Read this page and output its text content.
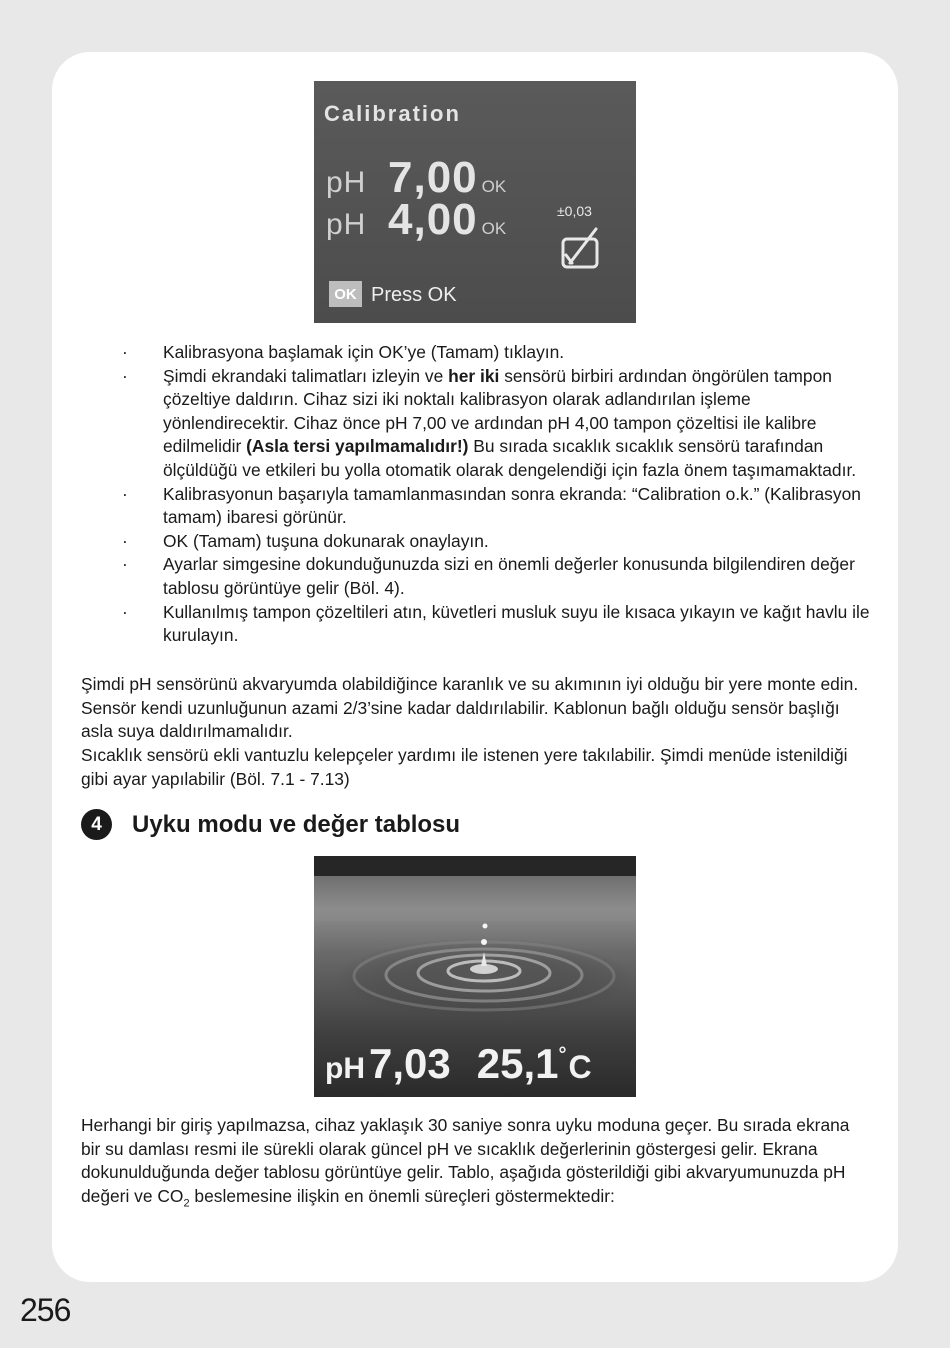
Calibration
pH 7,00 OK
pH 4,00 OK
±0,03
OK Press OK
· Kalibrasyona başlamak için OK’ye (Tamam) tıklayın.
· Şimdi ekrandaki talimatları izleyin ve her iki sensörü birbiri ardından öngörülen tampon çözeltiye daldırın. Cihaz sizi iki noktalı kalibrasyon olarak adlandırılan işleme yönlendirecektir. Cihaz önce pH 7,00 ve ardından pH 4,00 tampon çözeltisi ile kalibre edilmelidir (Asla tersi yapılmamalıdır!) Bu sırada sıcaklık sıcaklık sensörü tarafından ölçüldüğü ve etkileri bu yolla otomatik olarak dengelendiği için fazla önem taşımamaktadır.
· Kalibrasyonun başarıyla tamamlanmasından sonra ekranda: “Calibration o.k.” (Kalibrasyon tamam) ibaresi görünür.
· OK (Tamam) tuşuna dokunarak onaylayın.
· Ayarlar simgesine dokunduğunuzda sizi en önemli değerler konusunda bilgilendiren değer tablosu görüntüye gelir (Böl. 4).
· Kullanılmış tampon çözeltileri atın, küvetleri musluk suyu ile kısaca yıkayın ve kağıt havlu ile kurulayın.

Şimdi pH sensörünü akvaryumda olabildiğince karanlık ve su akımının iyi olduğu bir yere monte edin. Sensör kendi uzunluğunun azami 2/3’sine kadar daldırılabilir. Kablonun bağlı olduğu sensör başlığı asla suya daldırılmamalıdır.

Sıcaklık sensörü ekli vantuzlu kelepçeler yardımı ile istenen yere takılabilir. Şimdi menüde istenildiği gibi ayar yapılabilir (Böl. 7.1 - 7.13)

4	Uyku modu ve değer tablosu
pH 7,03 25,1 ° C

Herhangi bir giriş yapılmazsa, cihaz yaklaşık 30 saniye sonra uyku moduna geçer. Bu sırada ekrana bir su damlası resmi ile sürekli olarak güncel pH ve sıcaklık değerlerinin göstergesi gelir. Ekrana dokunulduğunda değer tablosu görüntüye gelir. Tablo, aşağıda gösterildiği gibi akvaryumunuzda pH değeri ve $CO_2$ beslemesine ilişkin en önemli süreçleri göstermektedir:

256
